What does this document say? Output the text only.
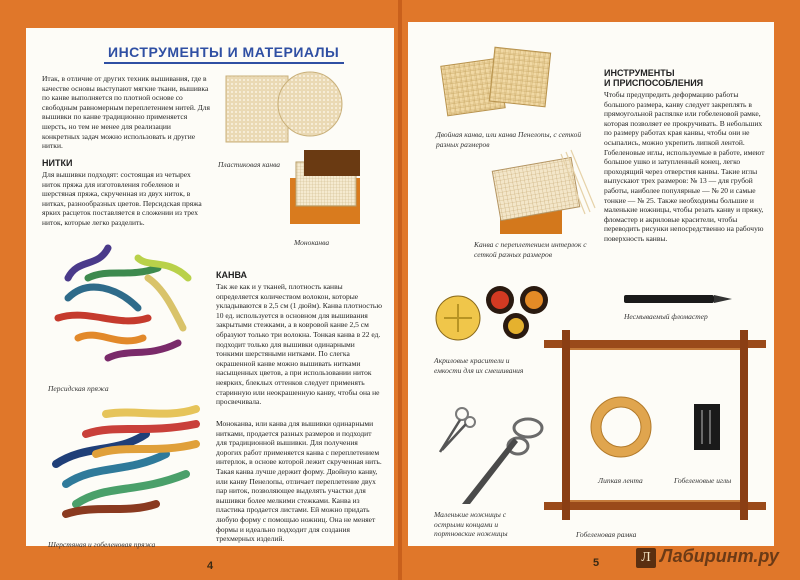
ИНСТРУМЕНТЫ И МАТЕРИАЛЫ

Итак, в отличие от других техник вышивания, где в качестве основы выступают мягкие ткани, вышивка по канве выполняется по плотной основе со свободным равномерным переплетением нитей. Для вышивки по канве традиционно применяется шерсть, но тем не менее для реализации конкретных задач можно использовать и другие нитки.

НИТКИ

Для вышивки подходят: состоящая из четырех ниток пряжа для изготовления гобеленов и шерстяная пряжа, скрученная из двух ниток, в нитках, разнообразных цветов. Персидская пряжа ярких расцеток поставляется в сложении из трех ниток, которые легко разделить.

Пластиковая канва
Моноканва
Персидская пряжа
Шерстяная и гобеленовая пряжа
КАНВА

Так же как и у тканей, плотность канвы определяется количеством волокон, которые укладываются в 2,5 см (1 дюйм). Канва плотностью 10 ед. используется в основном для вышивания закрытыми стежками, а в ковровой канве 2,5 см образуют только три волокна. Тонкая канва в 22 ед. подходит только для вышивки одинарными тонкими шерстяными нитками. По слегка окрашенной канве можно вышивать нитками насыщенных цветов, а при использовании ниток неярких, блеклых оттенков следует применять старинную или неокрашенную канву, чтобы она не просвечивала.

Моноканва, или канва для вышивки одинарными нитками, продается разных размеров и подходит для традиционной вышивки. Для получения дорогих работ применяется канва с переплетением интерлок, в основе которой лежит скрученная нить. Такая канва лучше держит форму. Двойную канву, или канву Пенелопы, отличает переплетение двух пар ниток, позволяющее выделять участки для вышивки более мелкими стежками. Канва из пластика продается листами. Ей можно придать любую форму с помощью ножниц. Она не меняет формы и идеально подходит для создания трехмерных изделий.

4
Двойная канва, или канва Пенелопы, с сеткой разных размеров
Канва с переплетением интерлок с сеткой разных размеров
ИНСТРУМЕНТЫ
И ПРИСПОСОБЛЕНИЯ

Чтобы предупредить деформацию работы большого размера, канву следует закреплять в прямоугольной распялке или гобеленовой рамке, которая позволяет ее прокручивать. В небольших по размеру работах края канвы, чтобы они не осыпались, можно укрепить липкой лентой. Гобеленовые иглы, используемые в работе, имеют большое ушко и затупленный конец, легко проходящий через отверстия канвы. Такие иглы выпускают трех размеров: № 13 — для грубой работы, наиболее популярные — № 20 и самые тонкие — № 25. Также необходимы большие и маленькие ножницы, чтобы резать канву и пряжу, фломастер и акриловые красители, чтобы переводить рисунки непосредственно на рабочую поверхность канвы.

Акриловые красители и емкости для их смешивания
Несмываемый фломастер
Маленькие ножницы с острыми концами и портновские ножницы
Липкая лента	Гобеленовые иглы
Гобеленовая рамка
5	Л Лабиринт.ру
